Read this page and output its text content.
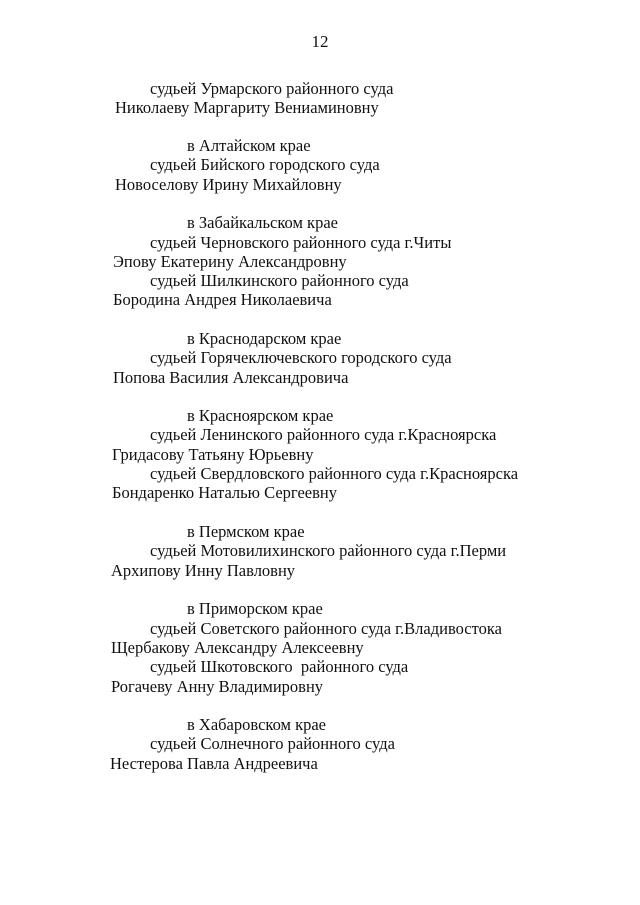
12
судьей Урмарского районного суда
Николаеву Маргариту Вениаминовну
в Алтайском крае
судьей Бийского городского суда
Новоселову Ирину Михайловну
в Забайкальском крае
судьей Черновского районного суда г.Читы
Эпову Екатерину Александровну
судьей Шилкинского районного суда
Бородина Андрея Николаевича
в Краснодарском крае
судьей Горячеключевского городского суда
Попова Василия Александровича
в Красноярском крае
судьей Ленинского районного суда г.Красноярска
Гридасову Татьяну Юрьевну
судьей Свердловского районного суда г.Красноярска
Бондаренко Наталью Сергеевну
в Пермском крае
судьей Мотовилихинского районного суда г.Перми
Архипову Инну Павловну
в Приморском крае
судьей Советского районного суда г.Владивостока
Щербакову Александру Алексеевну
судьей Шкотовского  районного суда
Рогачеву Анну Владимировну
в Хабаровском крае
судьей Солнечного районного суда
Нестерова Павла Андреевича
